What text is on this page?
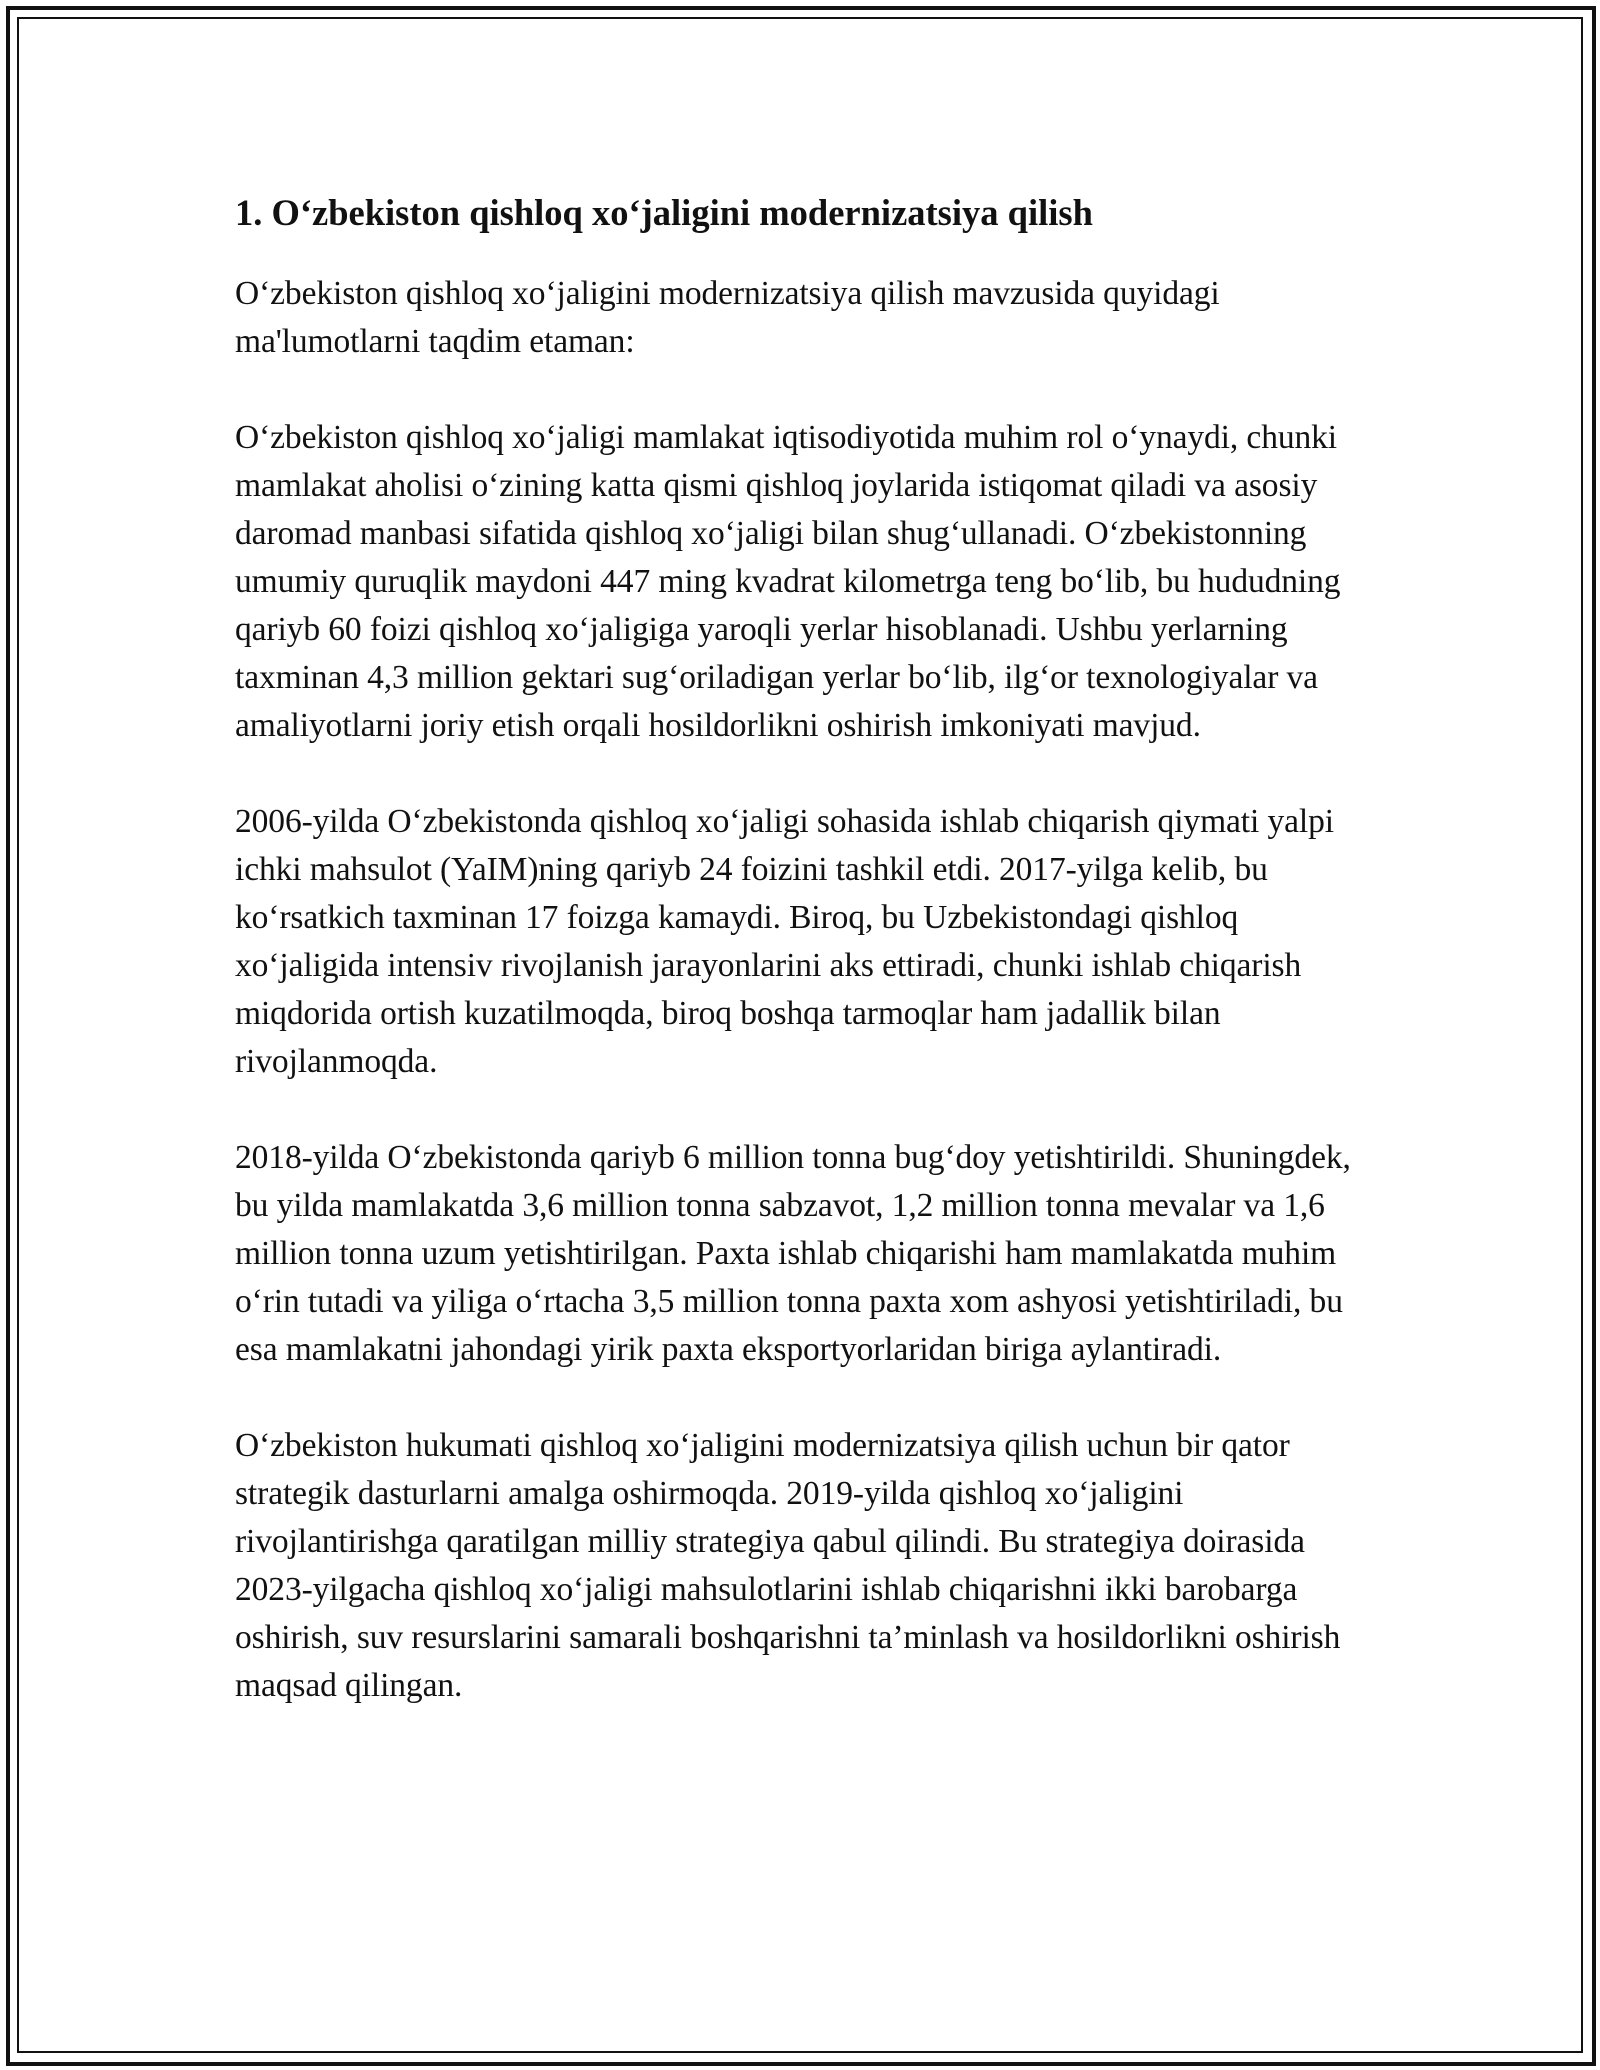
1. O‘zbekiston qishloq xo‘jaligini modernizatsiya qilish

O‘zbekiston qishloq xo‘jaligini modernizatsiya qilish mavzusida quyidagi ma'lumotlarni taqdim etaman:

O‘zbekiston qishloq xo‘jaligi mamlakat iqtisodiyotida muhim rol o‘ynaydi, chunki mamlakat aholisi o‘zining katta qismi qishloq joylarida istiqomat qiladi va asosiy daromad manbasi sifatida qishloq xo‘jaligi bilan shug‘ullanadi. O‘zbekistonning umumiy quruqlik maydoni 447 ming kvadrat kilometrga teng bo‘lib, bu hududning qariyb 60 foizi qishloq xo‘jaligiga yaroqli yerlar hisoblanadi. Ushbu yerlarning taxminan 4,3 million gektari sug‘oriladigan yerlar bo‘lib, ilg‘or texnologiyalar va amaliyotlarni joriy etish orqali hosildorlikni oshirish imkoniyati mavjud.

2006-yilda O‘zbekistonda qishloq xo‘jaligi sohasida ishlab chiqarish qiymati yalpi ichki mahsulot (YaIM)ning qariyb 24 foizini tashkil etdi. 2017-yilga kelib, bu ko‘rsatkich taxminan 17 foizga kamaydi. Biroq, bu Uzbekistondagi qishloq xo‘jaligida intensiv rivojlanish jarayonlarini aks ettiradi, chunki ishlab chiqarish miqdorida ortish kuzatilmoqda, biroq boshqa tarmoqlar ham jadallik bilan rivojlanmoqda.

2018-yilda O‘zbekistonda qariyb 6 million tonna bug‘doy yetishtirildi. Shuningdek, bu yilda mamlakatda 3,6 million tonna sabzavot, 1,2 million tonna mevalar va 1,6 million tonna uzum yetishtirilgan. Paxta ishlab chiqarishi ham mamlakatda muhim o‘rin tutadi va yiliga o‘rtacha 3,5 million tonna paxta xom ashyosi yetishtiriladi, bu esa mamlakatni jahondagi yirik paxta eksportyorlaridan biriga aylantiradi.

O‘zbekiston hukumati qishloq xo‘jaligini modernizatsiya qilish uchun bir qator strategik dasturlarni amalga oshirmoqda. 2019-yilda qishloq xo‘jaligini rivojlantirishga qaratilgan milliy strategiya qabul qilindi. Bu strategiya doirasida 2023-yilgacha qishloq xo‘jaligi mahsulotlarini ishlab chiqarishni ikki barobarga oshirish, suv resurslarini samarali boshqarishni ta’minlash va hosildorlikni oshirish maqsad qilingan.
